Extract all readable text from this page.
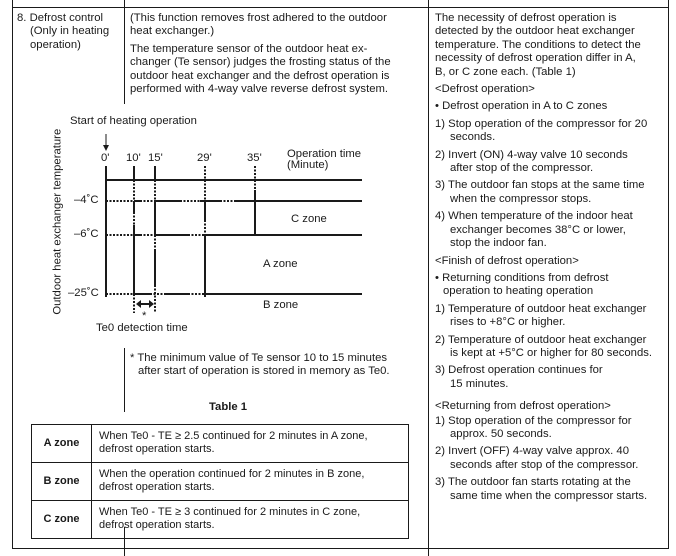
8. Defrost control
(Only in heating
operation)
(This function removes frost adhered to the outdoor
heat exchanger.)
The temperature sensor of the outdoor heat ex-
changer (Te sensor) judges the frosting status of the
outdoor heat exchanger and the defrost operation is
performed with 4-way valve reverse defrost system.
Start of heating operation
0' 10' 15'	29'	35' Operation time
(Minute)
–4˚C
–6˚C
–25˚C
Outdoor heat exchanger temperature	C zone
A zone
B zone
*
Te0 detection time
* The minimum value of Te sensor 10 to 15 minutes
after start of operation is stored in memory as Te0.
Table 1
A zone	When Te0 - TE ≥ 2.5 continued for 2 minutes in A zone,
defrost operation starts.

B zone	When the operation continued for 2 minutes in B zone,
defrost operation starts.

C zone	When Te0 - TE ≥ 3 continued for 2 minutes in C zone,
defrost operation starts.
The necessity of defrost operation is
detected by the outdoor heat exchanger
temperature. The conditions to detect the
necessity of defrost operation differ in A,
B, or C zone each. (Table 1)
<Defrost operation>
• Defrost operation in A to C zones
1) Stop operation of the compressor for 20
seconds.
2) Invert (ON) 4-way valve 10 seconds
after stop of the compressor.
3) The outdoor fan stops at the same time
when the compressor stops.
4) When temperature of the indoor heat
exchanger becomes 38°C or lower,
stop the indoor fan.
<Finish of defrost operation>
• Returning conditions from defrost
operation to heating operation
1) Temperature of outdoor heat exchanger
rises to +8°C or higher.
2) Temperature of outdoor heat exchanger
is kept at +5°C or higher for 80 seconds.
3) Defrost operation continues for
15 minutes.
<Returning from defrost operation>
1) Stop operation of the compressor for
approx. 50 seconds.
2) Invert (OFF) 4-way valve approx. 40
seconds after stop of the compressor.
3) The outdoor fan starts rotating at the
same time when the compressor starts.
